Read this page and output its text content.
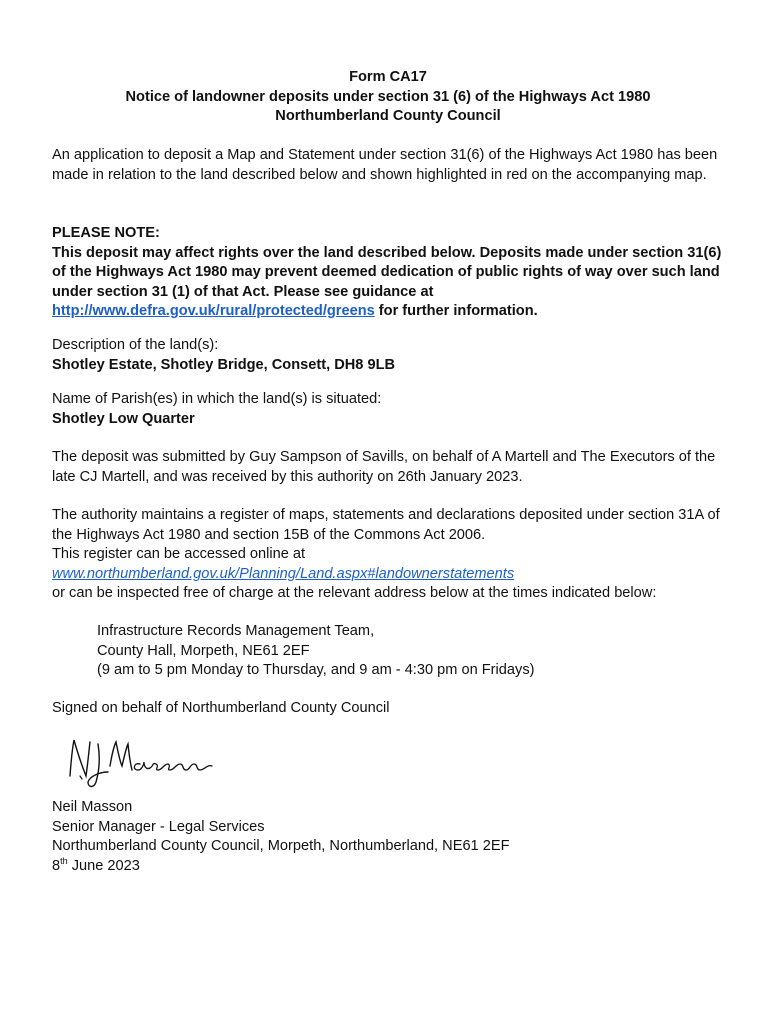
Form CA17

Notice of landowner deposits under section 31 (6) of the Highways Act 1980

Northumberland County Council

An application to deposit a Map and Statement under section 31(6) of the Highways Act 1980 has been made in relation to the land described below and shown highlighted in red on the accompanying map.

PLEASE NOTE:

This deposit may affect rights over the land described below. Deposits made under section 31(6) of the Highways Act 1980 may prevent deemed dedication of public rights of way over such land under section 31 (1) of that Act. Please see guidance at http://www.defra.gov.uk/rural/protected/greens for further information.

Description of the land(s):

Shotley Estate, Shotley Bridge, Consett, DH8 9LB

Name of Parish(es) in which the land(s) is situated:

Shotley Low Quarter

The deposit was submitted by Guy Sampson of Savills, on behalf of A Martell and The Executors of the late CJ Martell, and was received by this authority on 26th January 2023.

The authority maintains a register of maps, statements and declarations deposited under section 31A of the Highways Act 1980 and section 15B of the Commons Act 2006.

This register can be accessed online at

www.northumberland.gov.uk/Planning/Land.aspx#landownerstatements

or can be inspected free of charge at the relevant address below at the times indicated below:

Infrastructure Records Management Team,

County Hall, Morpeth, NE61 2EF

(9 am to 5 pm Monday to Thursday, and 9 am - 4:30 pm on Fridays)

Signed on behalf of Northumberland County Council

Neil Masson

Senior Manager - Legal Services

Northumberland County Council, Morpeth, Northumberland, NE61 2EF

8th June 2023
